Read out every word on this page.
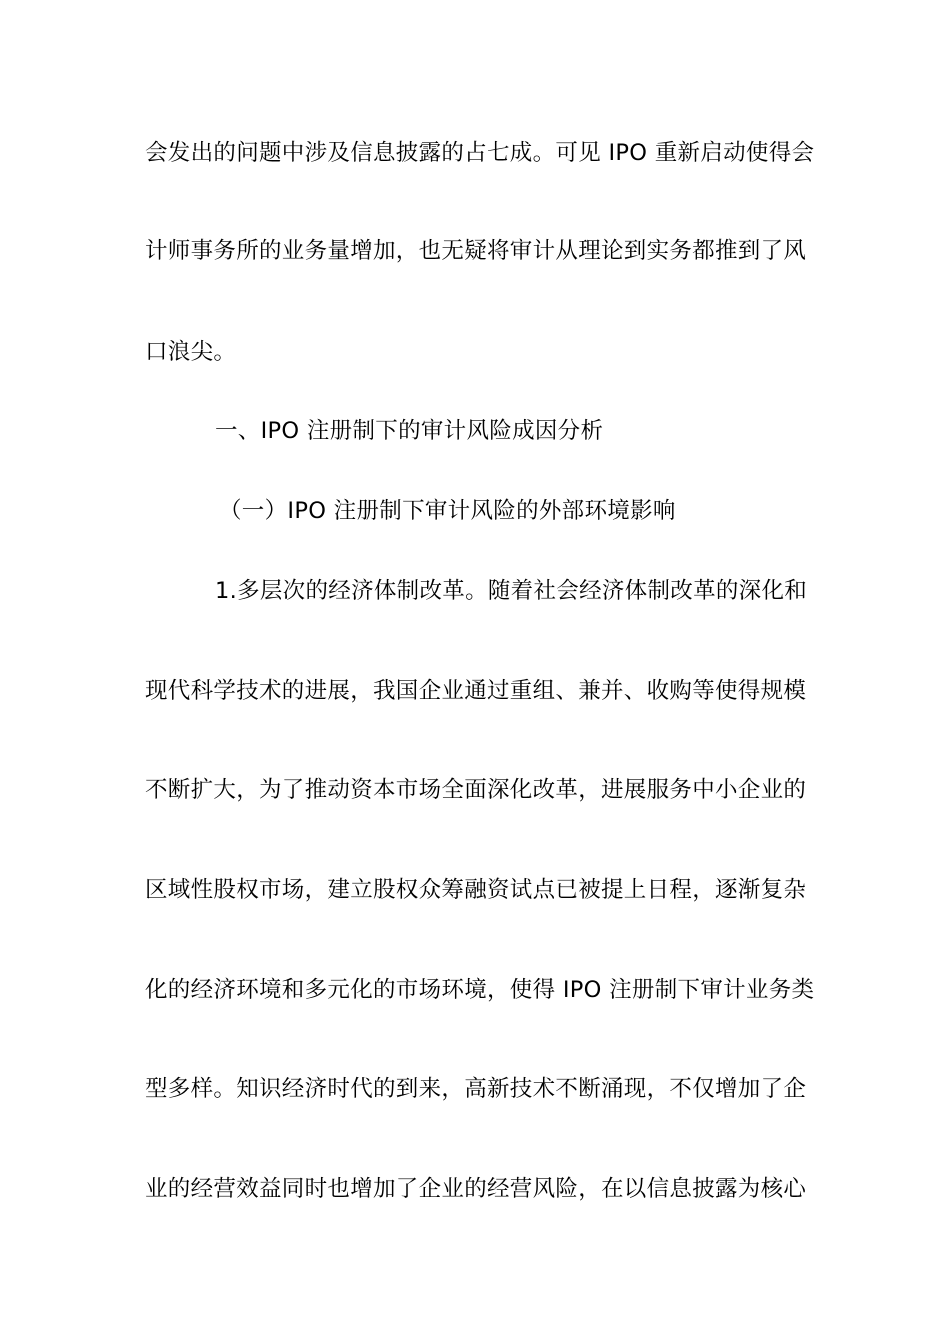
会发出的问题中涉及信息披露的占七成。可见 IPO 重新启动使得会
计师事务所的业务量增加，也无疑将审计从理论到实务都推到了风
口浪尖。
一、IPO 注册制下的审计风险成因分析
（一）IPO 注册制下审计风险的外部环境影响
1.多层次的经济体制改革。随着社会经济体制改革的深化和
现代科学技术的进展，我国企业通过重组、兼并、收购等使得规模
不断扩大，为了推动资本市场全面深化改革，进展服务中小企业的
区域性股权市场，建立股权众筹融资试点已被提上日程，逐渐复杂
化的经济环境和多元化的市场环境，使得 IPO 注册制下审计业务类
型多样。知识经济时代的到来，高新技术不断涌现，不仅增加了企
业的经营效益同时也增加了企业的经营风险，在以信息披露为核心
